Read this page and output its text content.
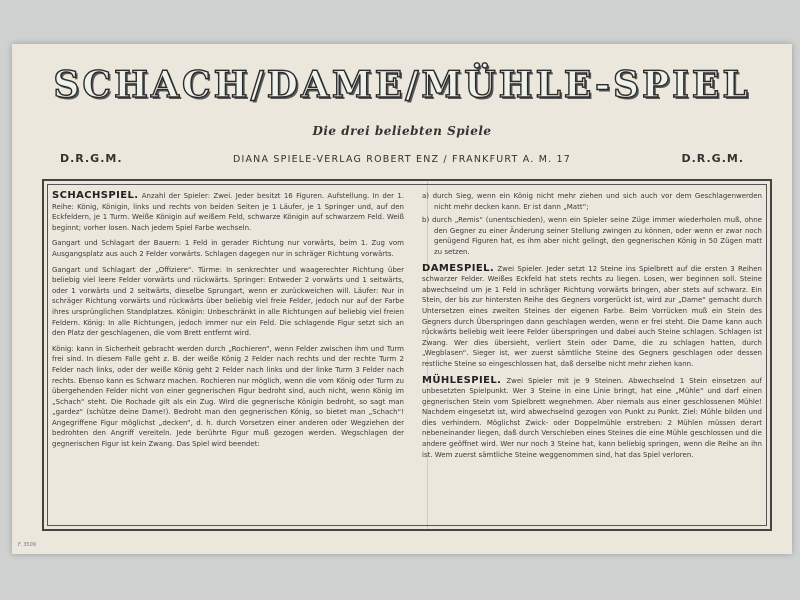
SCHACH/DAME/MÜHLE-SPIEL
Die drei beliebten Spiele
D.R.G.M.	DIANA SPIELE-VERLAG ROBERT ENZ / FRANKFURT A. M. 17	D.R.G.M.

SCHACHSPIEL. Anzahl der Spieler: Zwei. Jeder besitzt 16 Figuren. Aufstellung. In der 1. Reihe: König, Königin, links und rechts von beiden Seiten je 1 Läufer, je 1 Springer und, auf den Eckfeldern, je 1 Turm. Weiße Königin auf weißem Feld, schwarze Königin auf schwarzem Feld. Weiß beginnt; vorher losen. Nach jedem Spiel Farbe wechseln.

Gangart und Schlagart der Bauern: 1 Feld in gerader Richtung nur vorwärts, beim 1. Zug vom Ausgangsplatz aus auch 2 Felder vorwärts. Schlagen dagegen nur in schräger Richtung vorwärts.

Gangart und Schlagart der „Offiziere“. Türme: In senkrechter und waagerechter Richtung über beliebig viel leere Felder vorwärts und rückwärts. Springer: Entweder 2 vorwärts und 1 seitwärts, oder 1 vorwärts und 2 seitwärts, dieselbe Sprungart, wenn er zurückweichen will. Läufer: Nur in schräger Richtung vorwärts und rückwärts über beliebig viel freie Felder, jedoch nur auf der Farbe ihres ursprünglichen Standplatzes. Königin: Unbeschränkt in alle Richtungen auf beliebig viel freien Feldern. König: In alle Richtungen, jedoch immer nur ein Feld. Die schlagende Figur setzt sich an den Platz der geschlagenen, die vom Brett entfernt wird.

König: kann in Sicherheit gebracht werden durch „Rochieren“, wenn Felder zwischen ihm und Turm frei sind. In diesem Falle geht z. B. der weiße König 2 Felder nach rechts und der rechte Turm 2 Felder nach links, oder der weiße König geht 2 Felder nach links und der linke Turm 3 Felder nach rechts. Ebenso kann es Schwarz machen. Rochieren nur möglich, wenn die vom König oder Turm zu übergehenden Felder nicht von einer gegnerischen Figur bedroht sind, auch nicht, wenn König im „Schach“ steht. Die Rochade gilt als ein Zug. Wird die gegnerische Königin bedroht, so sagt man „gardez“ (schütze deine Dame!). Bedroht man den gegnerischen König, so bietet man „Schach“! Angegriffene Figur möglichst „decken“, d. h. durch Vorsetzen einer anderen oder Wegziehen der bedrohten den Angriff vereiteln. Jede berührte Figur muß gezogen werden. Wegschlagen der gegnerischen Figur ist kein Zwang. Das Spiel wird beendet:

a) durch Sieg, wenn ein König nicht mehr ziehen und sich auch vor dem Geschlagenwerden nicht mehr decken kann. Er ist dann „Matt“;

b) durch „Remis“ (unentschieden), wenn ein Spieler seine Züge immer wiederholen muß, ohne den Gegner zu einer Änderung seiner Stellung zwingen zu können, oder wenn er zwar noch genügend Figuren hat, es ihm aber nicht gelingt, den gegnerischen König in 50 Zügen matt zu setzen.

DAMESPIEL. Zwei Spieler. Jeder setzt 12 Steine ins Spielbrett auf die ersten 3 Reihen schwarzer Felder. Weißes Eckfeld hat stets rechts zu liegen. Losen, wer beginnen soll. Steine abwechselnd um je 1 Feld in schräger Richtung vorwärts bringen, aber stets auf schwarz. Ein Stein, der bis zur hintersten Reihe des Gegners vorgerückt ist, wird zur „Dame“ gemacht durch Untersetzen eines zweiten Steines der eigenen Farbe. Beim Vorrücken muß ein Stein des Gegners durch Überspringen dann geschlagen werden, wenn er frei steht. Die Dame kann auch rückwärts beliebig weit leere Felder überspringen und dabei auch Steine schlagen. Schlagen ist Zwang. Wer dies übersieht, verliert Stein oder Dame, die zu schlagen hatten, durch „Wegblasen“. Sieger ist, wer zuerst sämtliche Steine des Gegners geschlagen oder dessen restliche Steine so eingeschlossen hat, daß derselbe nicht mehr ziehen kann.

MÜHLESPIEL. Zwei Spieler mit je 9 Steinen. Abwechselnd 1 Stein einsetzen auf unbesetzten Spielpunkt. Wer 3 Steine in eine Linie bringt, hat eine „Mühle“ und darf einen gegnerischen Stein vom Spielbrett wegnehmen. Aber niemals aus einer geschlossenen Mühle! Nachdem eingesetzt ist, wird abwechselnd gezogen von Punkt zu Punkt. Ziel: Mühle bilden und dies verhindern. Möglichst Zwick- oder Doppelmühle erstreben: 2 Mühlen müssen derart nebeneinander liegen, daß durch Verschieben eines Steines die eine Mühle geschlossen und die andere geöffnet wird. Wer nur noch 3 Steine hat, kann beliebig springen, wenn die Reihe an ihn ist. Wem zuerst sämtliche Steine weggenommen sind, hat das Spiel verloren.

F. 3509
